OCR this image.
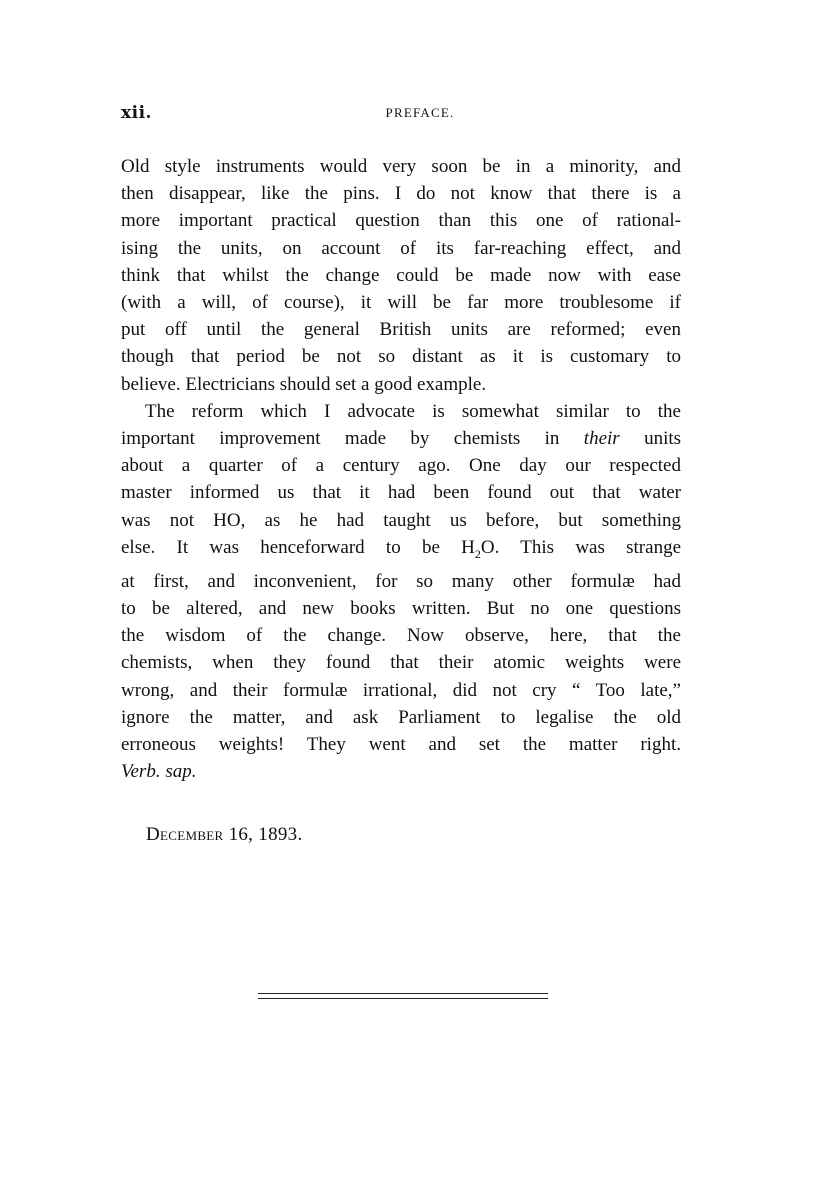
xii.	PREFACE.

Old style instruments would very soon be in a minority, and
then disappear, like the pins. I do not know that there is a
more important practical question than this one of rational-
ising the units, on account of its far-reaching effect, and
think that whilst the change could be made now with ease
(with a will, of course), it will be far more troublesome if
put off until the general British units are reformed; even
though that period be not so distant as it is customary to
believe. Electricians should set a good example.

The reform which I advocate is somewhat similar to the
important improvement made by chemists in their units
about a quarter of a century ago. One day our respected
master informed us that it had been found out that water
was not HO, as he had taught us before, but something
else. It was henceforward to be $H_2O$. This was strange
at first, and inconvenient, for so many other formulæ had
to be altered, and new books written. But no one questions
the wisdom of the change. Now observe, here, that the
chemists, when they found that their atomic weights were
wrong, and their formulæ irrational, did not cry “ Too late,”
ignore the matter, and ask Parliament to legalise the old
erroneous weights! They went and set the matter right.
Verb. sap.

December 16, 1893.
